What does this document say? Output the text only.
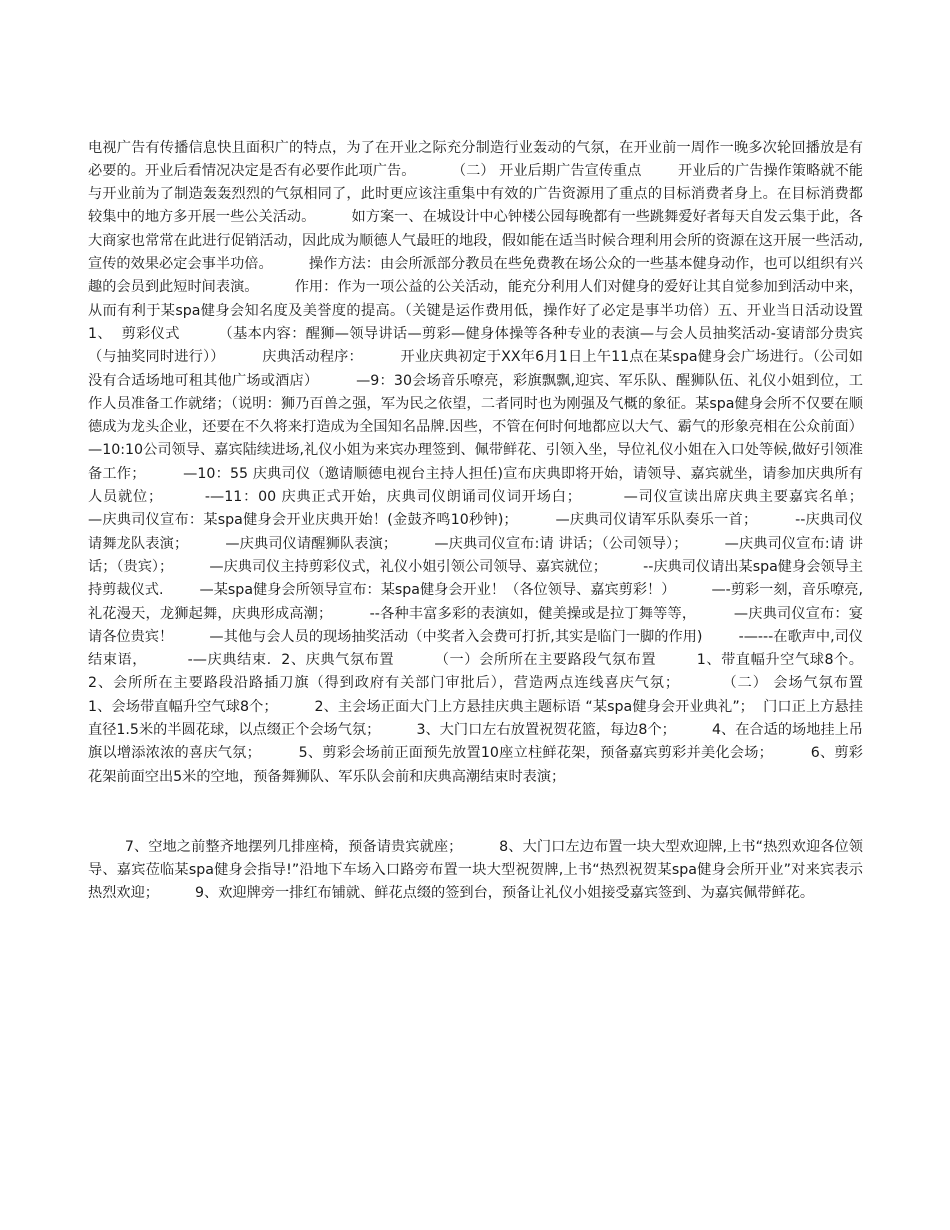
电视广告有传播信息快且面积广的特点，为了在开业之际充分制造行业轰动的气氛，在开业前一周作一晚多次轮回播放是有必要的。开业后看情况决定是否有必要作此项广告。        （二） 开业后期广告宣传重点        开业后的广告操作策略就不能与开业前为了制造轰轰烈烈的气氛相同了，此时更应该注重集中有效的广告资源用了重点的目标消费者身上。在目标消费都较集中的地方多开展一些公关活动。        如方案一、在城设计中心钟楼公园每晚都有一些跳舞爱好者每天自发云集于此，各大商家也常常在此进行促销活动，因此成为顺德人气最旺的地段，假如能在适当时候合理利用会所的资源在这开展一些活动,宣传的效果必定会事半功倍。        操作方法：由会所派部分教员在些免费教在场公众的一些基本健身动作，也可以组织有兴趣的会员到此短时间表演。        作用：作为一项公益的公关活动，能充分利用人们对健身的爱好让其自觉参加到活动中来，从而有利于某spa健身会知名度及美誉度的提高。（关键是运作费用低，操作好了必定是事半功倍）五、开业当日活动设置1、  剪彩仪式        （基本内容：醒狮—领导讲话—剪彩—健身体操等各种专业的表演—与会人员抽奖活动-宴请部分贵宾（与抽奖同时进行））        庆典活动程序：        开业庆典初定于XX年6月1日上午11点在某spa健身会广场进行。（公司如没有合适场地可租其他广场或酒店）        —9：30会场音乐嘹亮，彩旗飘飘,迎宾、军乐队、醒狮队伍、礼仪小姐到位，工作人员准备工作就绪；（说明：狮乃百兽之强，军为民之依望，二者同时也为刚强及气概的象征。某spa健身会所不仅要在顺德成为龙头企业，还要在不久将来打造成为全国知名品牌.因些，不管在何时何地都应以大气、霸气的形象亮相在公众前面）        —10:10公司领导、嘉宾陆续进场,礼仪小姐为来宾办理签到、佩带鲜花、引领入坐，导位礼仪小姐在入口处等候,做好引领准备工作；        —10：55 庆典司仪（邀请顺德电视台主持人担任)宣布庆典即将开始，请领导、嘉宾就坐，请参加庆典所有人员就位；        -—11：00 庆典正式开始，庆典司仪朗诵司仪词开场白；        —司仪宣读出席庆典主要嘉宾名单；        —庆典司仪宣布：某spa健身会开业庆典开始！(金鼓齐鸣10秒钟)；        —庆典司仪请军乐队奏乐一首；        --庆典司仪请舞龙队表演；        —庆典司仪请醒狮队表演；        —庆典司仪宣布:请 讲话；（公司领导）；        —庆典司仪宣布:请 讲话；（贵宾）；        —庆典司仪主持剪彩仪式，礼仪小姐引领公司领导、嘉宾就位；        --庆典司仪请出某spa健身会领导主持剪裁仪式.        —某spa健身会所领导宣布：某spa健身会开业！（各位领导、嘉宾剪彩！）        —-剪彩一刻，音乐嘹亮,礼花漫天，龙狮起舞，庆典形成高潮；        --各种丰富多彩的表演如，健美操或是拉丁舞等等，        —庆典司仪宣布：宴请各位贵宾！        —其他与会人员的现场抽奖活动（中奖者入会费可打折,其实是临门一脚的作用)        -—---在歌声中,司仪结束语，        -—庆典结束.  2、庆典气氛布置        （一）会所所在主要路段气氛布置        1、带直幅升空气球8个。        2、会所所在主要路段沿路插刀旗（得到政府有关部门审批后），营造两点连线喜庆气氛；        （二） 会场气氛布置        1、会场带直幅升空气球8个；        2、主会场正面大门上方悬挂庆典主题标语 “某spa健身会开业典礼”；  门口正上方悬挂直径1.5米的半圆花球，以点缀正个会场气氛；        3、大门口左右放置祝贺花篮，每边8个；        4、在合适的场地挂上吊旗以增添浓浓的喜庆气氛；        5、剪彩会场前正面预先放置10座立柱鲜花架，预备嘉宾剪彩并美化会场；        6、剪彩花架前面空出5米的空地，预备舞狮队、军乐队会前和庆典高潮结束时表演；

7、空地之前整齐地摆列几排座椅，预备请贵宾就座；        8、大门口左边布置一块大型欢迎牌,上书“热烈欢迎各位领导、嘉宾莅临某spa健身会指导!”沿地下车场入口路旁布置一块大型祝贺牌,上书“热烈祝贺某spa健身会所开业”对来宾表示热烈欢迎；        9、欢迎牌旁一排红布铺就、鲜花点缀的签到台，预备让礼仪小姐接受嘉宾签到、为嘉宾佩带鲜花。
